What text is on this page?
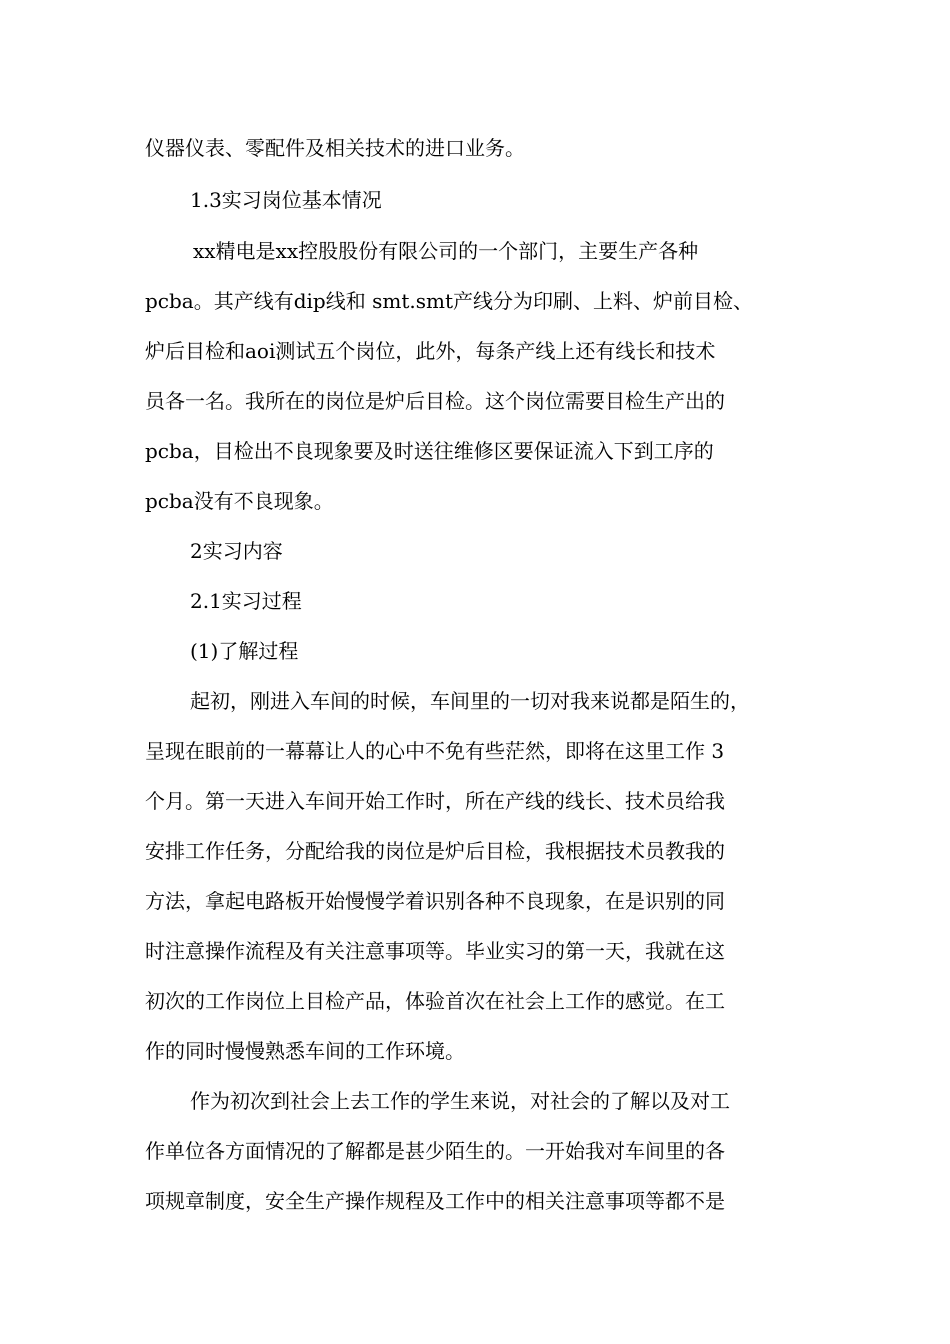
仪器仪表、零配件及相关技术的进口业务。
1.3实习岗位基本情况
xx精电是xx控股股份有限公司的一个部门，主要生产各种
pcba。其产线有dip线和 smt.smt产线分为印刷、上料、炉前目检、
炉后目检和aoi测试五个岗位，此外，每条产线上还有线长和技术
员各一名。我所在的岗位是炉后目检。这个岗位需要目检生产出的
pcba，目检出不良现象要及时送往维修区要保证流入下到工序的
pcba没有不良现象。
2实习内容
2.1实习过程
(1)了解过程
起初，刚进入车间的时候，车间里的一切对我来说都是陌生的，
呈现在眼前的一幕幕让人的心中不免有些茫然，即将在这里工作 3
个月。第一天进入车间开始工作时，所在产线的线长、技术员给我
安排工作任务，分配给我的岗位是炉后目检，我根据技术员教我的
方法，拿起电路板开始慢慢学着识别各种不良现象，在是识别的同
时注意操作流程及有关注意事项等。毕业实习的第一天，我就在这
初次的工作岗位上目检产品，体验首次在社会上工作的感觉。在工
作的同时慢慢熟悉车间的工作环境。
作为初次到社会上去工作的学生来说，对社会的了解以及对工
作单位各方面情况的了解都是甚少陌生的。一开始我对车间里的各
项规章制度，安全生产操作规程及工作中的相关注意事项等都不是
